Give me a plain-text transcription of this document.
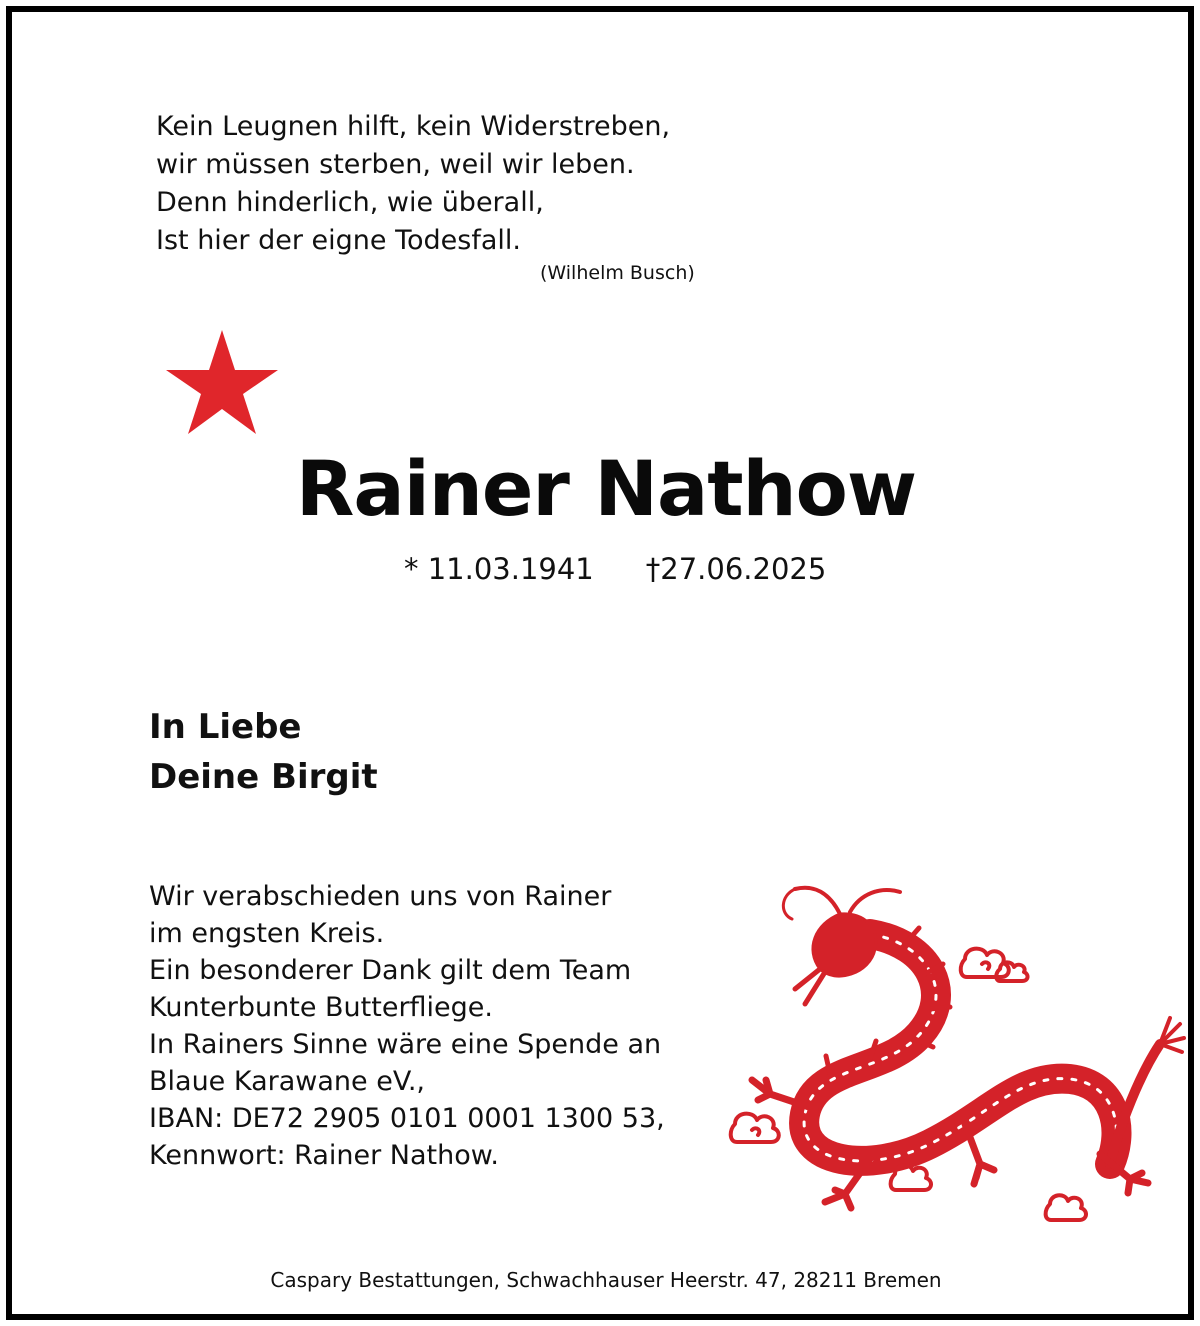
Kein Leugnen hilft, kein Widerstreben,
wir müssen sterben, weil wir leben.
Denn hinderlich, wie überall,
Ist hier der eigne Todesfall.
(Wilhelm Busch)
Rainer Nathow
* 11.03.1941 †27.06.2025
In Liebe
Deine Birgit
Wir verabschieden uns von Rainer
im engsten Kreis.
Ein besonderer Dank gilt dem Team
Kunterbunte Butterfliege.
In Rainers Sinne wäre eine Spende an
Blaue Karawane eV.,
IBAN: DE72 2905 0101 0001 1300 53,
Kennwort: Rainer Nathow.
Caspary Bestattungen, Schwachhauser Heerstr. 47, 28211 Bremen
